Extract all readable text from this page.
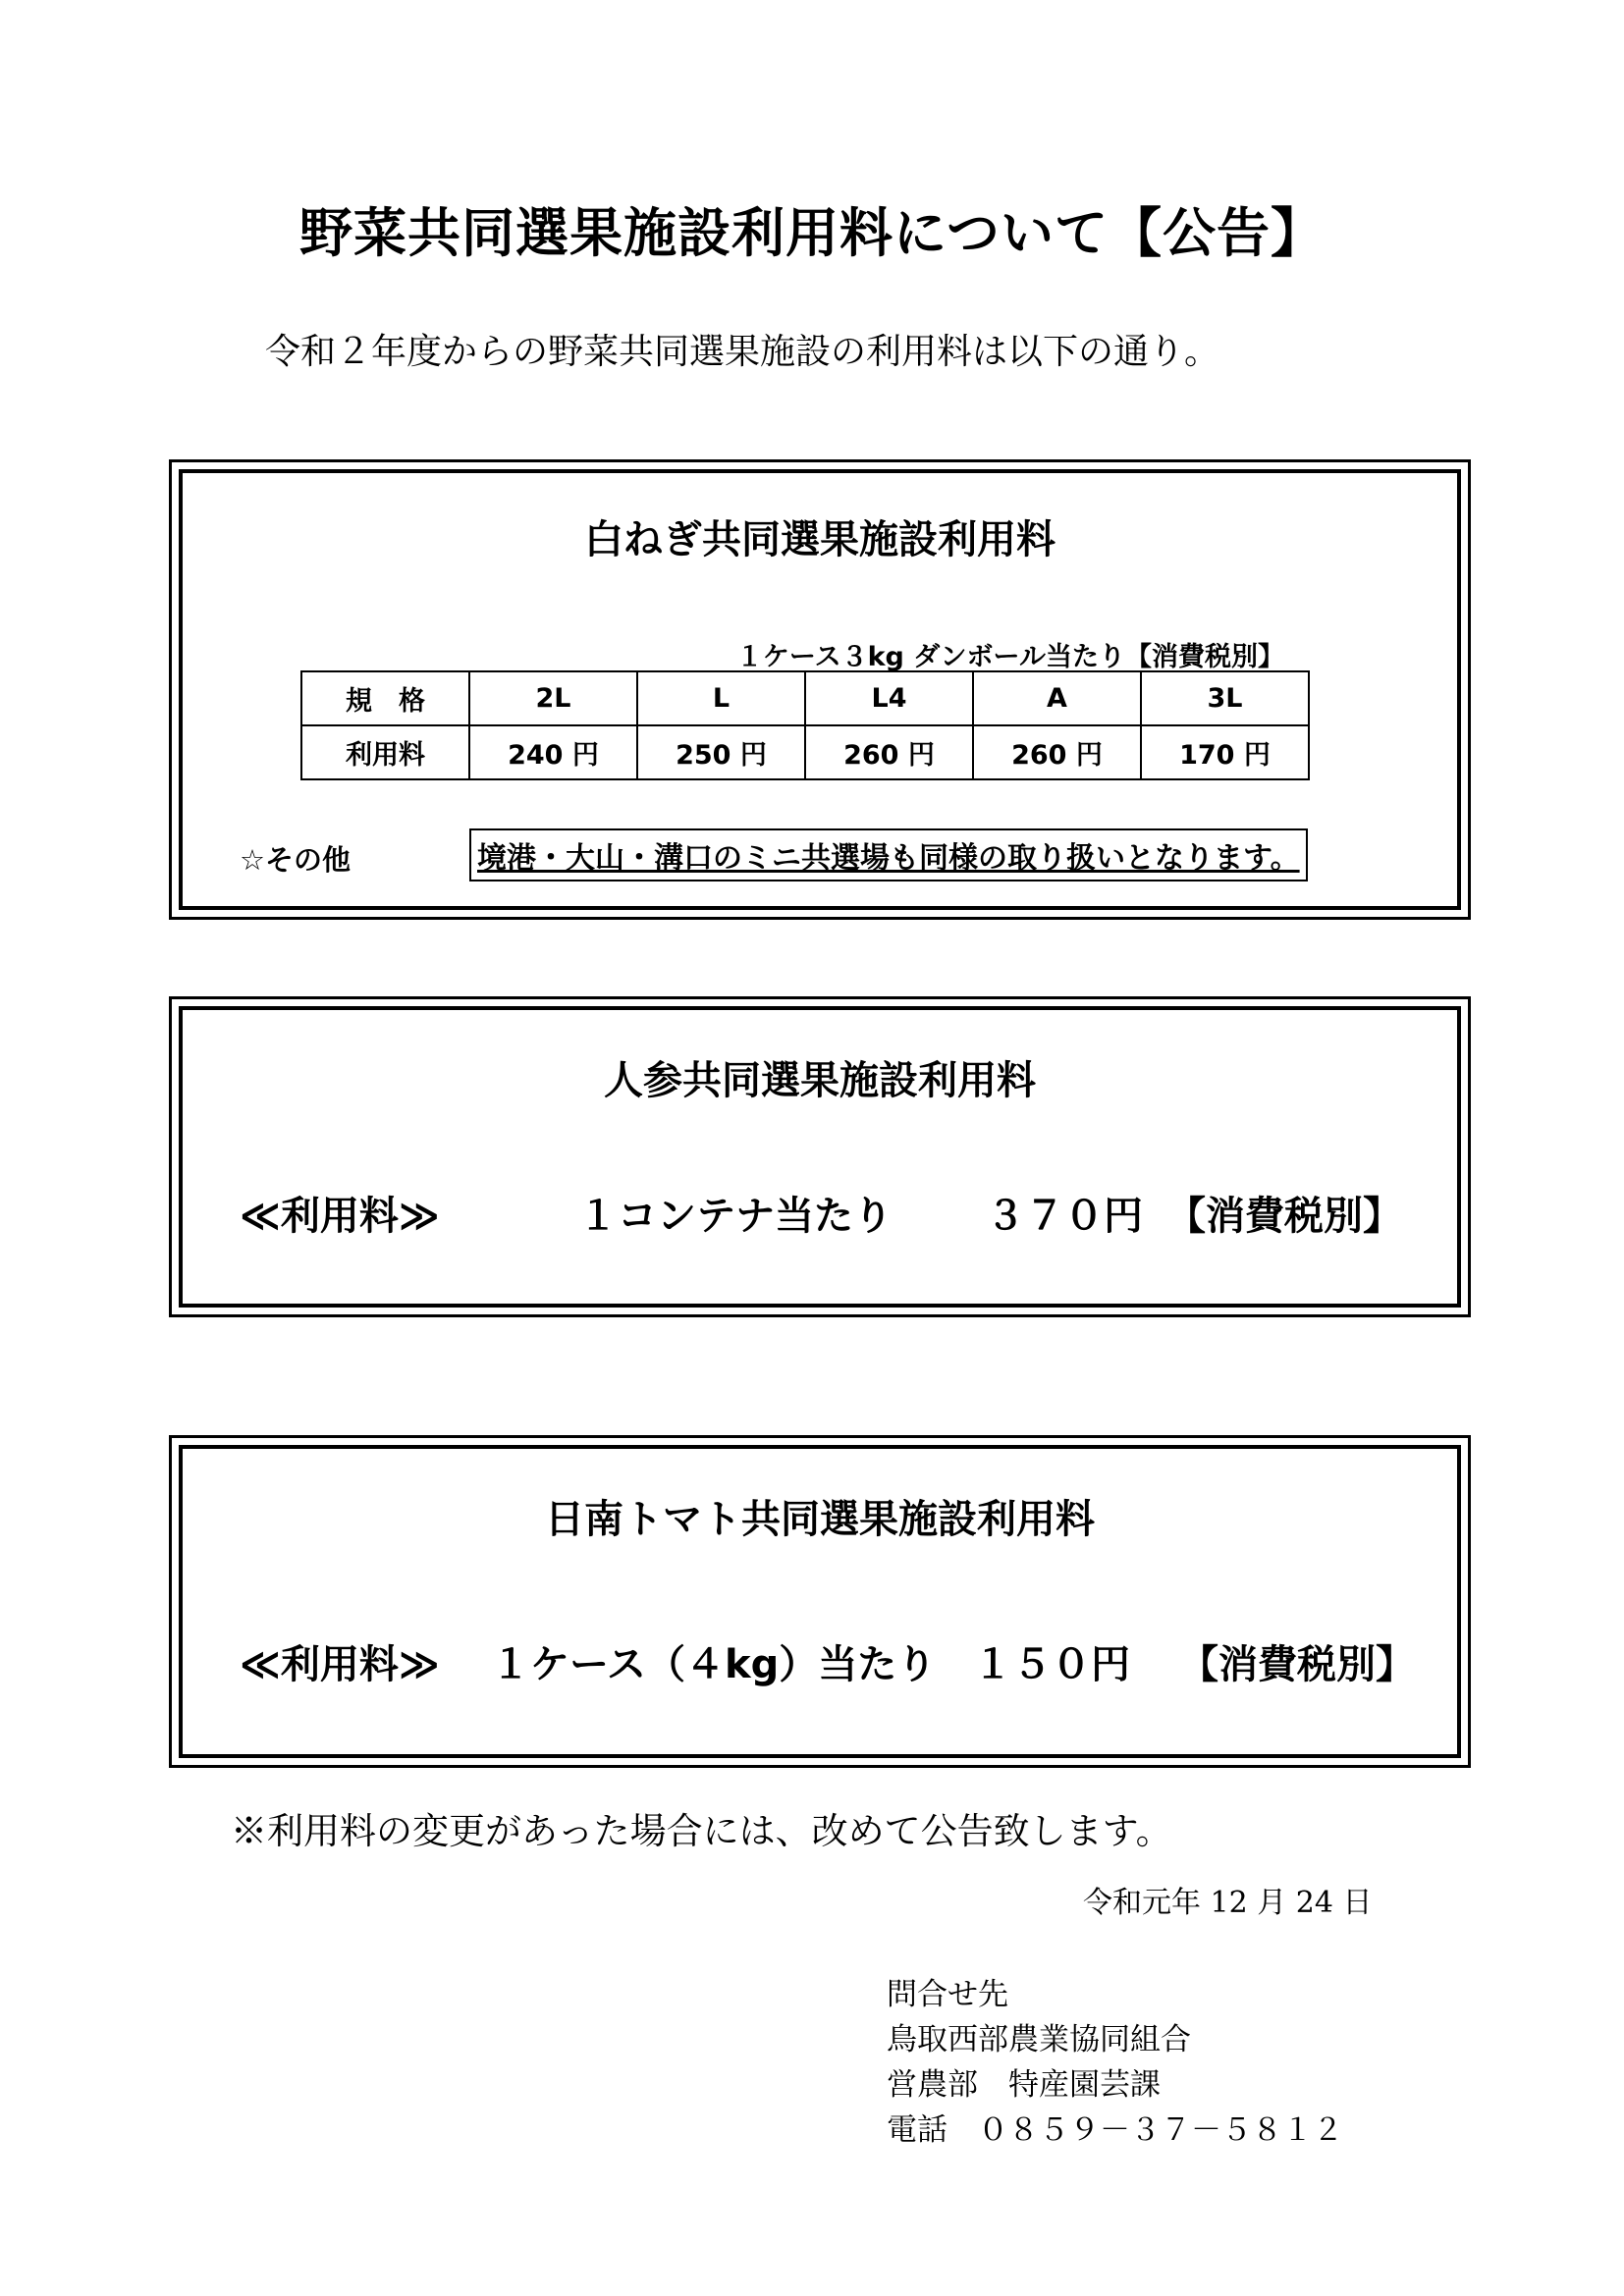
野菜共同選果施設利用料について【公告】
令和２年度からの野菜共同選果施設の利用料は以下の通り。
白ねぎ共同選果施設利用料
１ケース３kg ダンボール当たり【消費税別】
規　格	2L	L	L4	A	3L
利用料	240 円	250 円	260 円	260 円	170 円
☆その他	境港・大山・溝口のミニ共選場も同様の取り扱いとなります。
人参共同選果施設利用料
≪利用料≫	１コンテナ当たり ３７０円 【消費税別】
日南トマト共同選果施設利用料
≪利用料≫ １ケース（４kg）当たり １５０円 【消費税別】
※利用料の変更があった場合には、改めて公告致します。
令和元年 12 月 24 日
問合せ先
鳥取西部農業協同組合
営農部　特産園芸課
電話　０８５９－３７－５８１２
